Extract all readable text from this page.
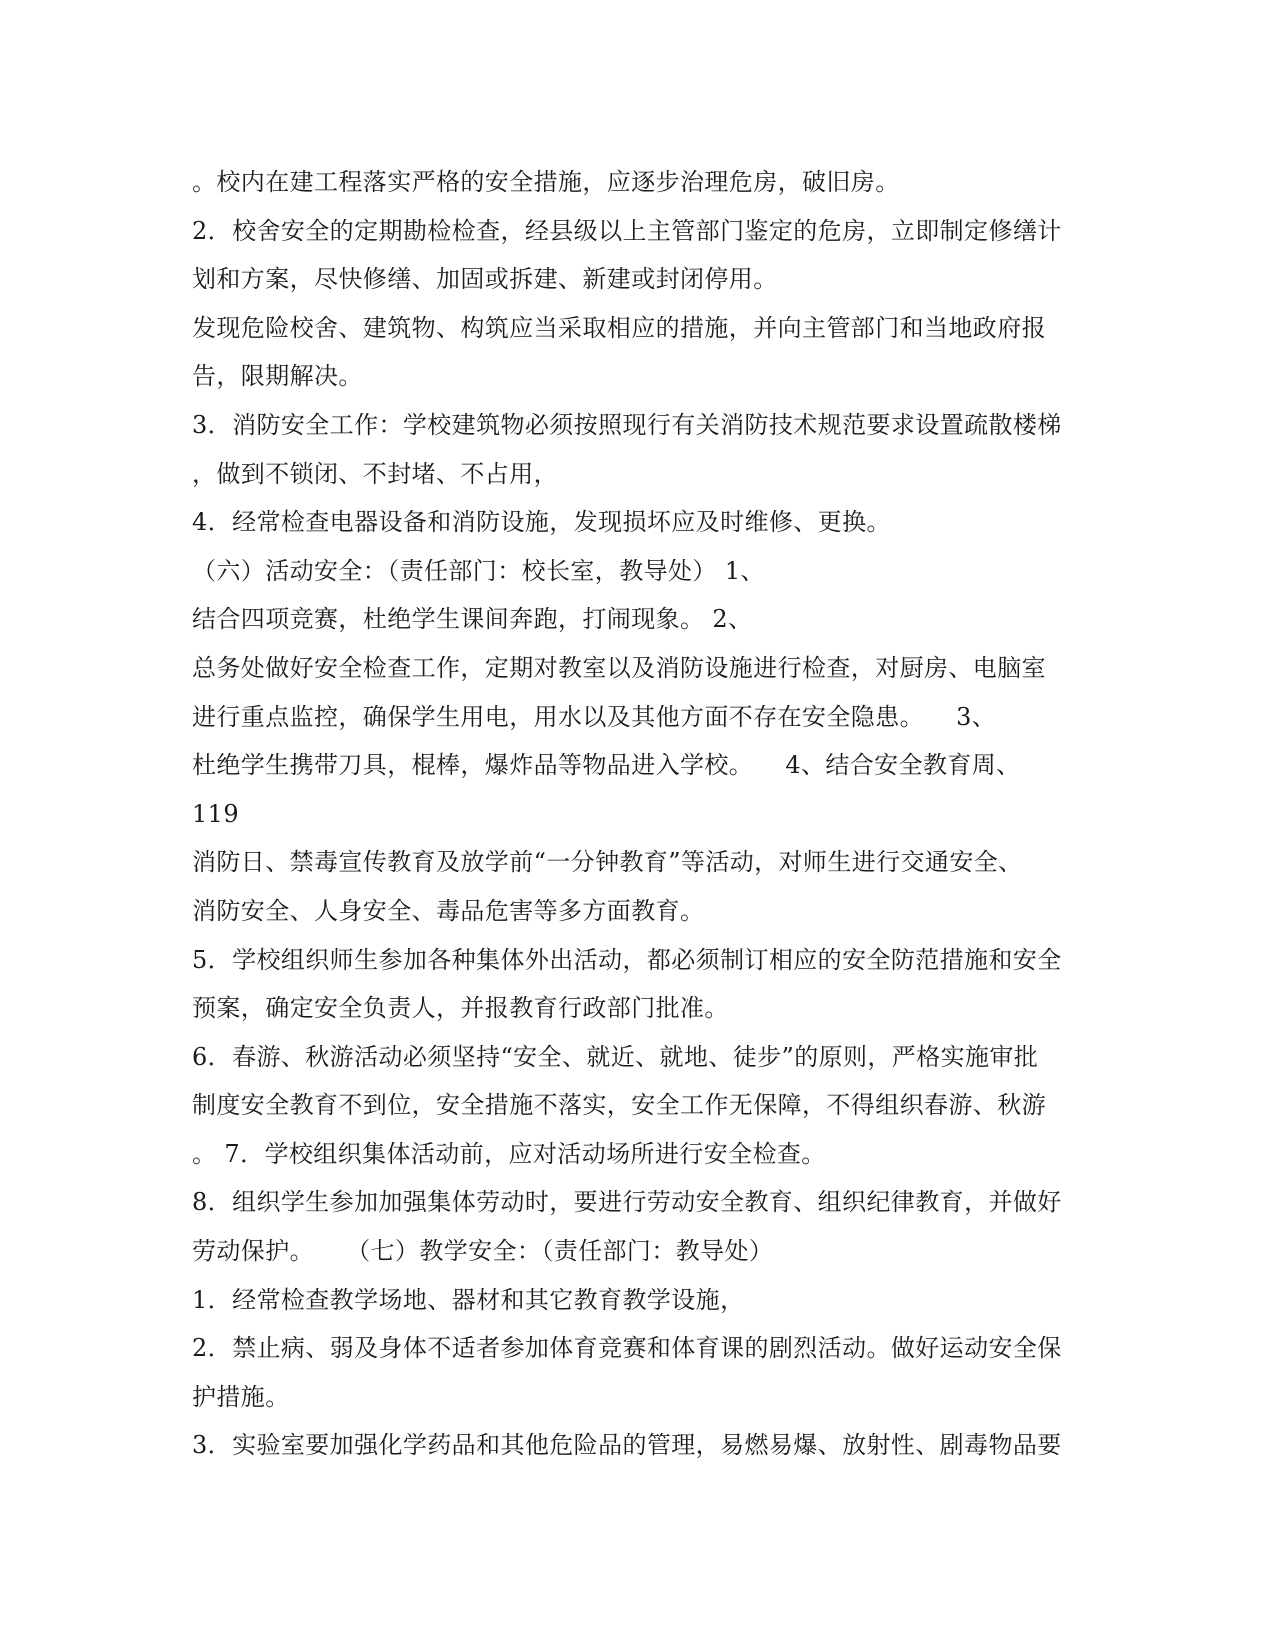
。校内在建工程落实严格的安全措施，应逐步治理危房，破旧房。
2．校舍安全的定期勘检检查，经县级以上主管部门鉴定的危房，立即制定修缮计
划和方案，尽快修缮、加固或拆建、新建或封闭停用。
发现危险校舍、建筑物、构筑应当采取相应的措施，并向主管部门和当地政府报
告，限期解决。
3．消防安全工作：学校建筑物必须按照现行有关消防技术规范要求设置疏散楼梯
，做到不锁闭、不封堵、不占用，
4．经常检查电器设备和消防设施，发现损坏应及时维修、更换。
（六）活动安全：（责任部门：校长室，教导处） 1、
结合四项竞赛，杜绝学生课间奔跑，打闹现象。 2、
总务处做好安全检查工作，定期对教室以及消防设施进行检查，对厨房、电脑室
进行重点监控，确保学生用电，用水以及其他方面不存在安全隐患。    3、
杜绝学生携带刀具，棍棒，爆炸品等物品进入学校。    4、结合安全教育周、
119
消防日、禁毒宣传教育及放学前“一分钟教育”等活动，对师生进行交通安全、
消防安全、人身安全、毒品危害等多方面教育。
5．学校组织师生参加各种集体外出活动，都必须制订相应的安全防范措施和安全
预案，确定安全负责人，并报教育行政部门批准。
6．春游、秋游活动必须坚持“安全、就近、就地、徒步”的原则，严格实施审批
制度安全教育不到位，安全措施不落实，安全工作无保障，不得组织春游、秋游
。 7．学校组织集体活动前，应对活动场所进行安全检查。
8．组织学生参加加强集体劳动时，要进行劳动安全教育、组织纪律教育，并做好
劳动保护。    （七）教学安全：（责任部门：教导处）
1．经常检查教学场地、器材和其它教育教学设施，
2．禁止病、弱及身体不适者参加体育竞赛和体育课的剧烈活动。做好运动安全保
护措施。
3．实验室要加强化学药品和其他危险品的管理，易燃易爆、放射性、剧毒物品要
